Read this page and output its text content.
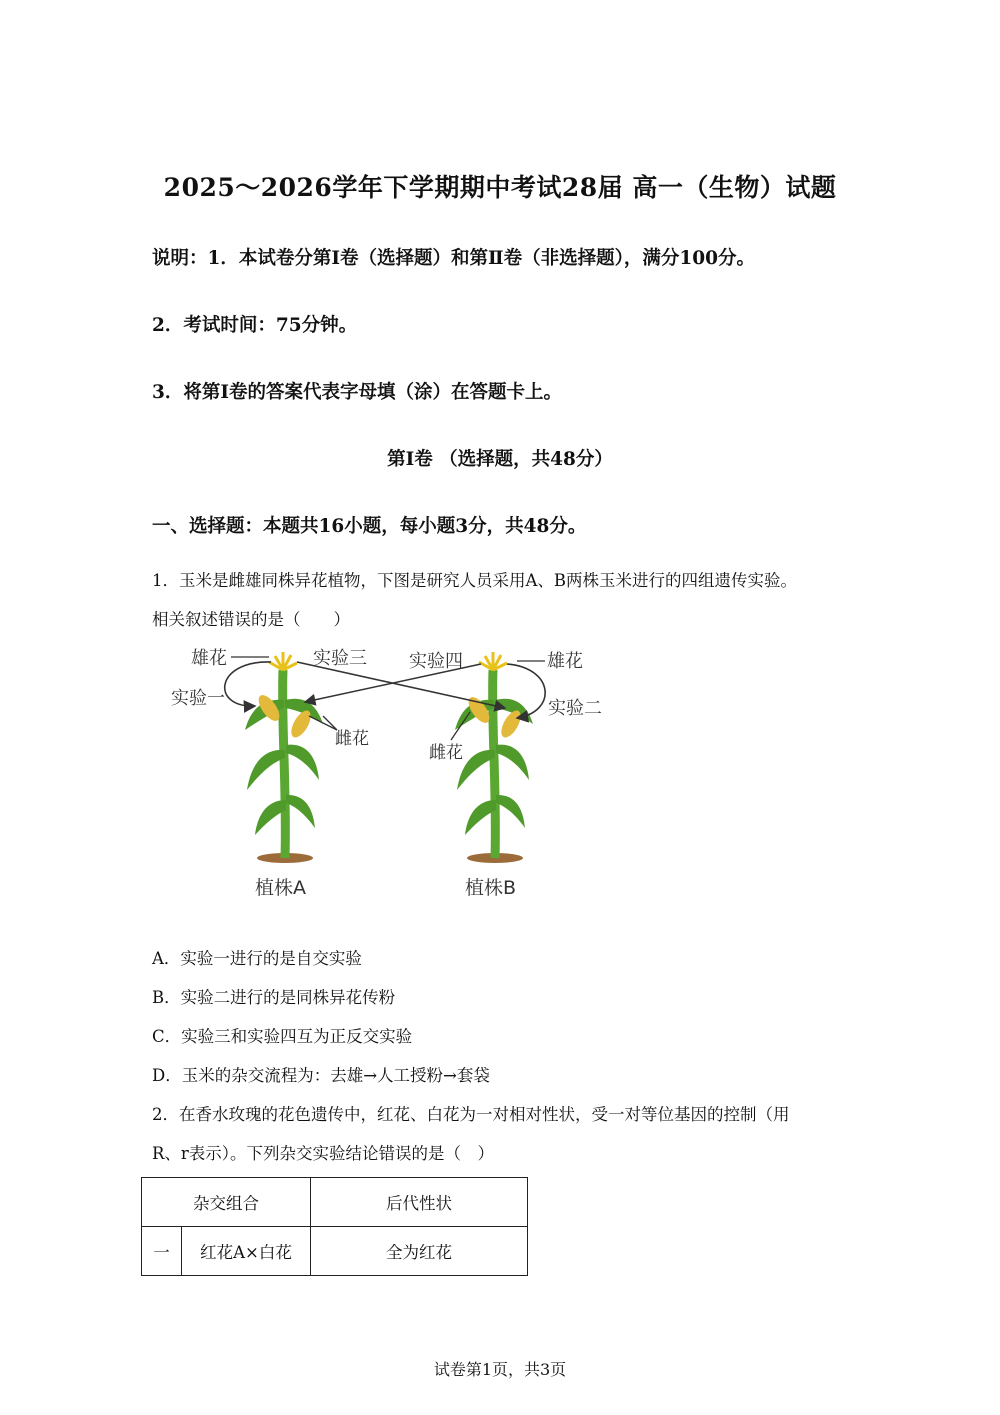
2025～2026学年下学期期中考试28届 高一（生物）试题
说明：1．本试卷分第Ⅰ卷（选择题）和第Ⅱ卷（非选择题），满分100分。
2．考试时间：75分钟。
3．将第Ⅰ卷的答案代表字母填（涂）在答题卡上。
第Ⅰ卷 （选择题，共48分）
一、选择题：本题共16小题，每小题3分，共48分。
1．玉米是雌雄同株异花植物，下图是研究人员采用A、B两株玉米进行的四组遗传实验。
相关叙述错误的是（　　）
雄花	实验三 实验四	雄花
实验一	实验二
雌花
雌花
植株A	植株B
A．实验一进行的是自交实验
B．实验二进行的是同株异花传粉
C．实验三和实验四互为正反交实验
D．玉米的杂交流程为：去雄→人工授粉→套袋
2．在香水玫瑰的花色遗传中，红花、白花为一对相对性状，受一对等位基因的控制（用
R、r表示）。下列杂交实验结论错误的是（　）
杂交组合		后代性状
一	红花A×白花	全为红花
试卷第1页，共3页
